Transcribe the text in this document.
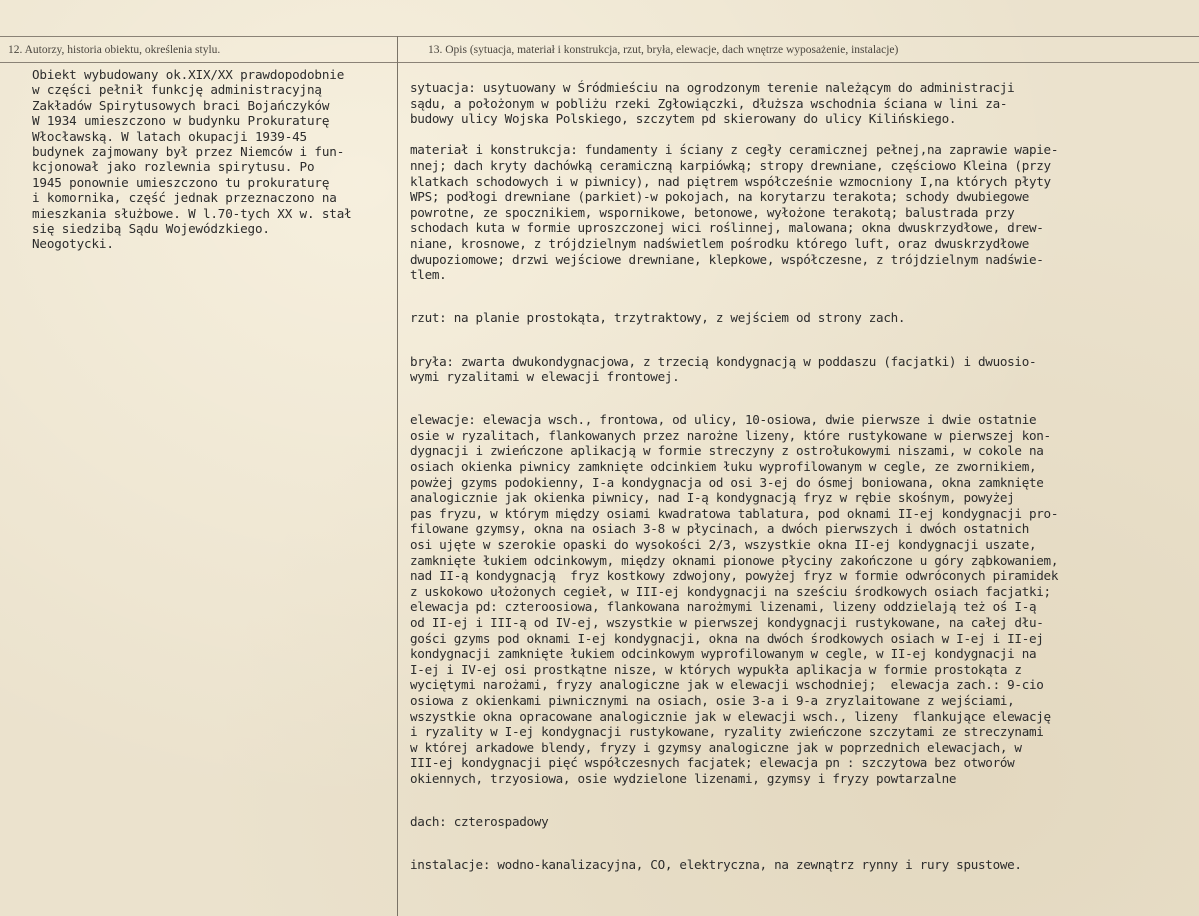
12. Autorzy, historia obiektu, określenia stylu.	13. Opis (sytuacja, materiał i konstrukcja, rzut, bryła, elewacje, dach wnętrze wyposażenie, instalacje)
Obiekt wybudowany ok.XIX/XX prawdopodobnie
w części pełnił funkcję administracyjną
Zakładów Spirytusowych braci Bojańczyków
W 1934 umieszczono w budynku Prokuraturę
Włocławską. W latach okupacji 1939-45
budynek zajmowany był przez Niemców i fun-
kcjonował jako rozlewnia spirytusu. Po
1945 ponownie umieszczono tu prokuraturę
i komornika, część jednak przeznaczono na
mieszkania służbowe. W l.70-tych XX w. stał
się siedzibą Sądu Wojewódzkiego.
Neogotycki.
sytuacja: usytuowany w Śródmieściu na ogrodzonym terenie należącym do administracji
sądu, a położonym w pobliżu rzeki Zgłowiączki, dłuższa wschodnia ściana w lini za-
budowy ulicy Wojska Polskiego, szczytem pd skierowany do ulicy Kilińskiego.
materiał i konstrukcja: fundamenty i ściany z cegły ceramicznej pełnej,na zaprawie wapie-
nnej; dach kryty dachówką ceramiczną karpiówką; stropy drewniane, częściowo Kleina (przy
klatkach schodowych i w piwnicy), nad piętrem współcześnie wzmocniony I,na których płyty
WPS; podłogi drewniane (parkiet)-w pokojach, na korytarzu terakota; schody dwubiegowe
powrotne, ze spocznikiem, wspornikowe, betonowe, wyłożone terakotą; balustrada przy
schodach kuta w formie uproszczonej wici roślinnej, malowana; okna dwuskrzydłowe, drew-
niane, krosnowe, z trójdzielnym nadświetlem pośrodku którego luft, oraz dwuskrzydłowe
dwupoziomowe; drzwi wejściowe drewniane, klepkowe, współczesne, z trójdzielnym nadświe-
tlem.
rzut: na planie prostokąta, trzytraktowy, z wejściem od strony zach.
bryła: zwarta dwukondygnacjowa, z trzecią kondygnacją w poddaszu (facjatki) i dwuosio-
wymi ryzalitami w elewacji frontowej.
elewacje: elewacja wsch., frontowa, od ulicy, 10-osiowa, dwie pierwsze i dwie ostatnie
osie w ryzalitach, flankowanych przez narożne lizeny, które rustykowane w pierwszej kon-
dygnacji i zwieńczone aplikacją w formie streczyny z ostrołukowymi niszami, w cokole na
osiach okienka piwnicy zamknięte odcinkiem łuku wyprofilowanym w cegle, ze zwornikiem,
powżej gzyms podokienny, I-a kondygnacja od osi 3-ej do ósmej boniowana, okna zamknięte
analogicznie jak okienka piwnicy, nad I-ą kondygnacją fryz w rębie skośnym, powyżej
pas fryzu, w którym między osiami kwadratowa tablatura, pod oknami II-ej kondygnacji pro-
filowane gzymsy, okna na osiach 3-8 w płycinach, a dwóch pierwszych i dwóch ostatnich
osi ujęte w szerokie opaski do wysokości 2/3, wszystkie okna II-ej kondygnacji uszate,
zamknięte łukiem odcinkowym, między oknami pionowe płyciny zakończone u góry ząbkowaniem,
nad II-ą kondygnacją  fryz kostkowy zdwojony, powyżej fryz w formie odwróconych piramidek
z uskokowo ułożonych cegieł, w III-ej kondygnacji na sześciu środkowych osiach facjatki;
elewacja pd: czteroosiowa, flankowana narożmymi lizenami, lizeny oddzielają też oś I-ą
od II-ej i III-ą od IV-ej, wszystkie w pierwszej kondygnacji rustykowane, na całej dłu-
gości gzyms pod oknami I-ej kondygnacji, okna na dwóch środkowych osiach w I-ej i II-ej
kondygnacji zamknięte łukiem odcinkowym wyprofilowanym w cegle, w II-ej kondygnacji na
I-ej i IV-ej osi prostkątne nisze, w których wypukła aplikacja w formie prostokąta z
wyciętymi narożami, fryzy analogiczne jak w elewacji wschodniej;  elewacja zach.: 9-cio
osiowa z okienkami piwnicznymi na osiach, osie 3-a i 9-a zryzlaitowane z wejściami,
wszystkie okna opracowane analogicznie jak w elewacji wsch., lizeny  flankujące elewację
i ryzality w I-ej kondygnacji rustykowane, ryzality zwieńczone szczytami ze streczynami
w której arkadowe blendy, fryzy i gzymsy analogiczne jak w poprzednich elewacjach, w
III-ej kondygnacji pięć współczesnych facjatek; elewacja pn : szczytowa bez otworów
okiennych, trzyosiowa, osie wydzielone lizenami, gzymsy i fryzy powtarzalne
dach: czterospadowy
instalacje: wodno-kanalizacyjna, CO, elektryczna, na zewnątrz rynny i rury spustowe.
